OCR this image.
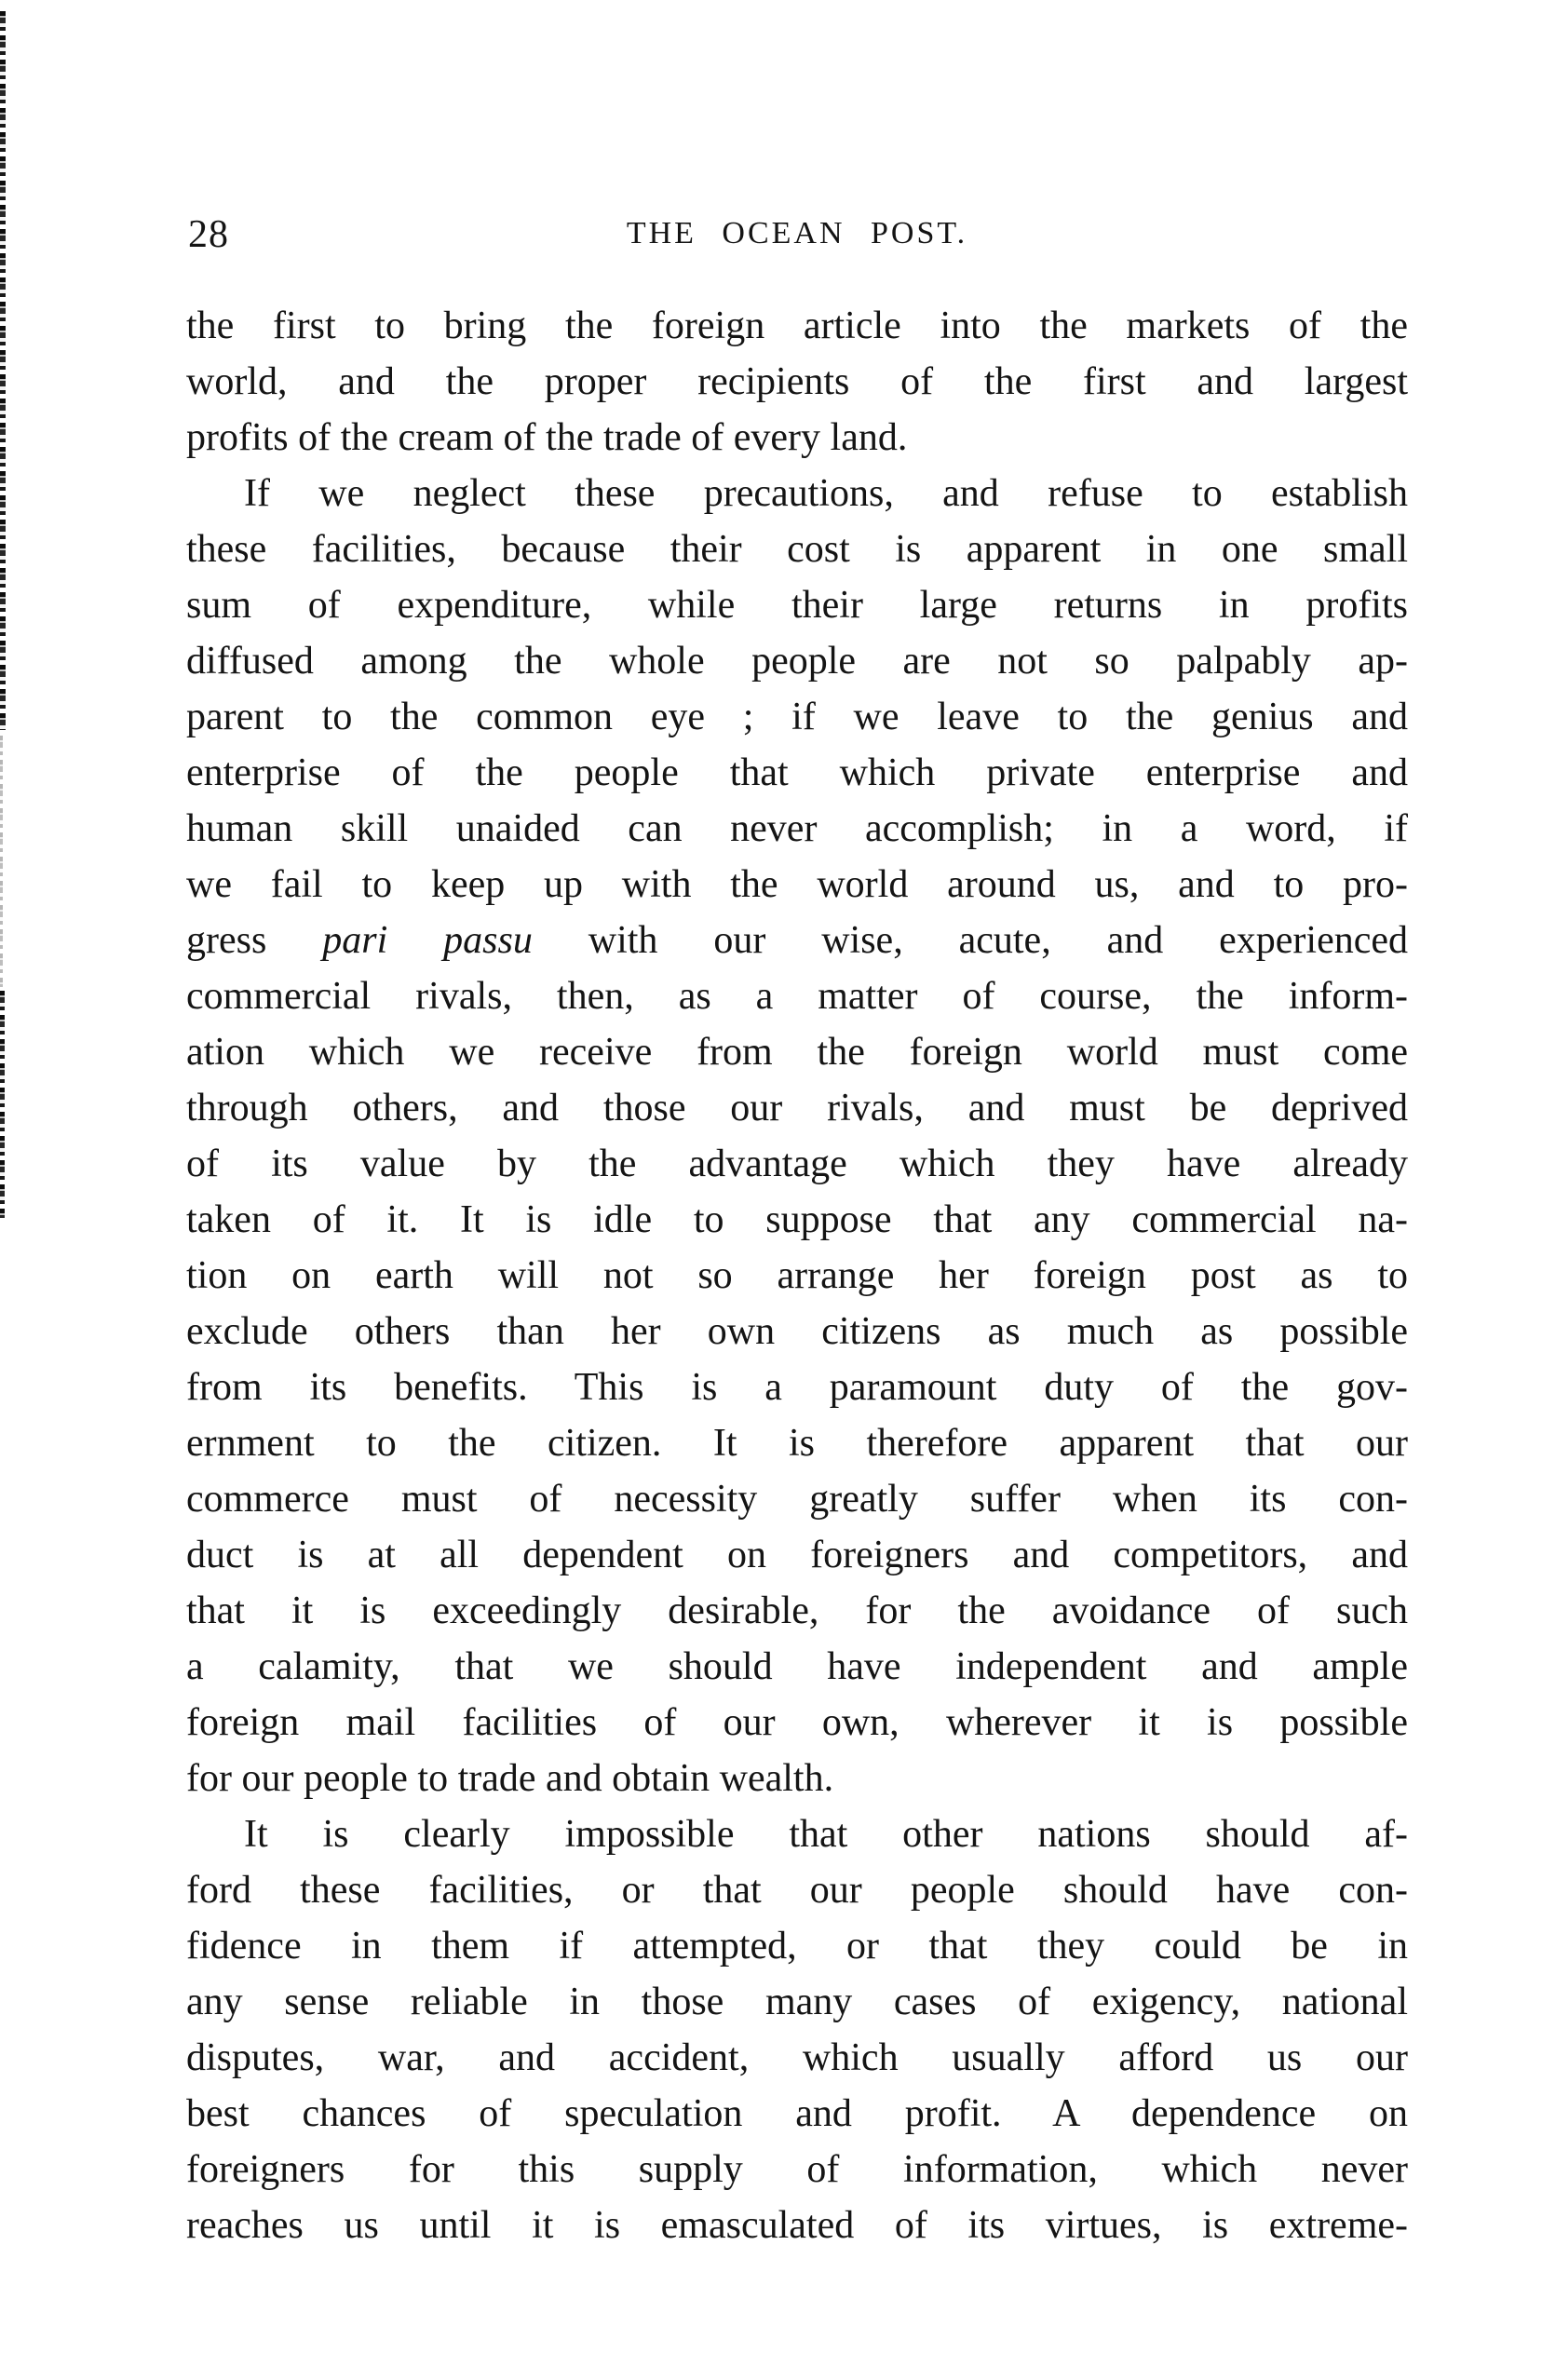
28	THE OCEAN POST.
the first to bring the foreign article into the markets of the
world, and the proper recipients of the first and largest
profits of the cream of the trade of every land.
If we neglect these precautions, and refuse to establish
these facilities, because their cost is apparent in one small
sum of expenditure, while their large returns in profits
diffused among the whole people are not so palpably ap-
parent to the common eye ; if we leave to the genius and
enterprise of the people that which private enterprise and
human skill unaided can never accomplish; in a word, if
we fail to keep up with the world around us, and to pro-
gress pari passu with our wise, acute, and experienced
commercial rivals, then, as a matter of course, the inform-
ation which we receive from the foreign world must come
through others, and those our rivals, and must be deprived
of its value by the advantage which they have already
taken of it. It is idle to suppose that any commercial na-
tion on earth will not so arrange her foreign post as to
exclude others than her own citizens as much as possible
from its benefits. This is a paramount duty of the gov-
ernment to the citizen. It is therefore apparent that our
commerce must of necessity greatly suffer when its con-
duct is at all dependent on foreigners and competitors, and
that it is exceedingly desirable, for the avoidance of such
a calamity, that we should have independent and ample
foreign mail facilities of our own, wherever it is possible
for our people to trade and obtain wealth.
It is clearly impossible that other nations should af-
ford these facilities, or that our people should have con-
fidence in them if attempted, or that they could be in
any sense reliable in those many cases of exigency, national
disputes, war, and accident, which usually afford us our
best chances of speculation and profit. A dependence on
foreigners for this supply of information, which never
reaches us until it is emasculated of its virtues, is extreme-
